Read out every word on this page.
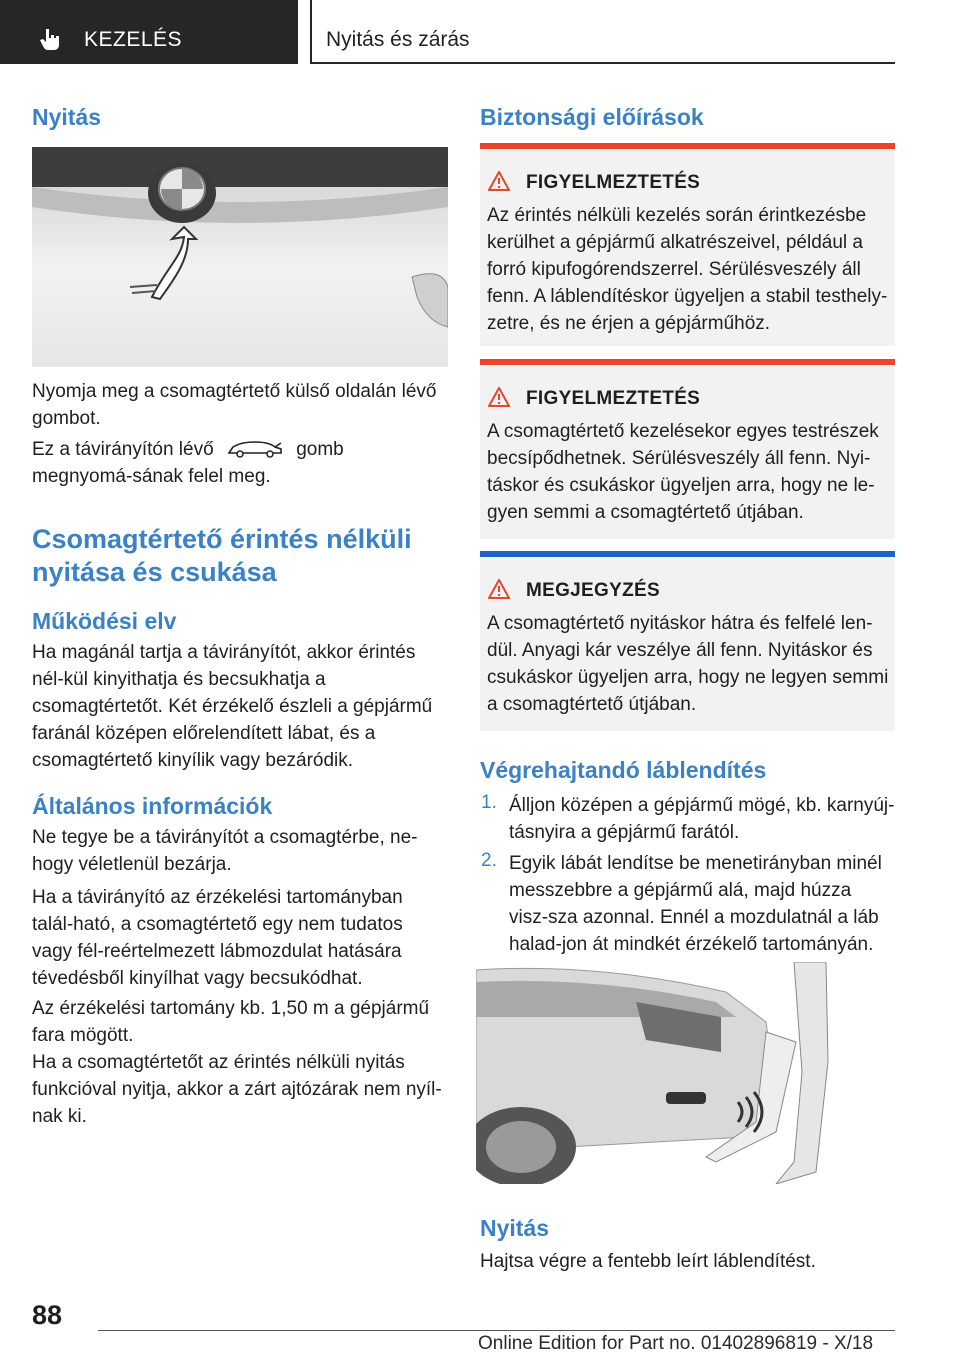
KEZELÉS	Nyitás és zárás
Nyitás

Nyomja meg a csomagtértető külső oldalán lévő gombot.

Ez a távirányítón lévő	gomb megnyomá-sának felel meg.
Csomagtértető érintés nélküli nyitása és csukása
Működési elv

Ha magánál tartja a távirányítót, akkor érintés nél-kül kinyithatja és becsukhatja a csomagtértetőt. Két érzékelő észleli a gépjármű faránál középen előrelendített lábat, és a csomagtértető kinyílik vagy bezáródik.

Általános információk

Ne tegye be a távirányítót a csomagtérbe, ne-hogy véletlenül bezárja.

Ha a távirányító az érzékelési tartományban talál-ható, a csomagtértető egy nem tudatos vagy fél-reértelmezett lábmozdulat hatására tévedésből kinyílhat vagy becsukódhat.

Az érzékelési tartomány kb. 1,50 m a gépjármű fara mögött.

Ha a csomagtértetőt az érintés nélküli nyitás funkcióval nyitja, akkor a zárt ajtózárak nem nyíl-nak ki.

Biztonsági előírások
FIGYELMEZTETÉS

Az érintés nélküli kezelés során érintkezésbe kerülhet a gépjármű alkatrészeivel, például a forró kipufogórendszerrel. Sérülésveszély áll fenn. A láblendítéskor ügyeljen a stabil testhely-zetre, és ne érjen a gépjárműhöz.

FIGYELMEZTETÉS

A csomagtértető kezelésekor egyes testrészek becsípődhetnek. Sérülésveszély áll fenn. Nyi-táskor és csukáskor ügyeljen arra, hogy ne le-gyen semmi a csomagtértető útjában.

MEGJEGYZÉS

A csomagtértető nyitáskor hátra és felfelé len-dül. Anyagi kár veszélye áll fenn. Nyitáskor és csukáskor ügyeljen arra, hogy ne legyen semmi a csomagtértető útjában.

Végrehajtandó láblendítés
1. Álljon középen a gépjármű mögé, kb. karnyúj-tásnyira a gépjármű farától.

2. Egyik lábát lendítse be menetirányban minél messzebbre a gépjármű alá, majd húzza visz-sza azonnal. Ennél a mozdulatnál a láb halad-jon át mindkét érzékelő tartományán.

Nyitás

Hajtsa végre a fentebb leírt láblendítést.

88
Online Edition for Part no. 01402896819 - X/18
